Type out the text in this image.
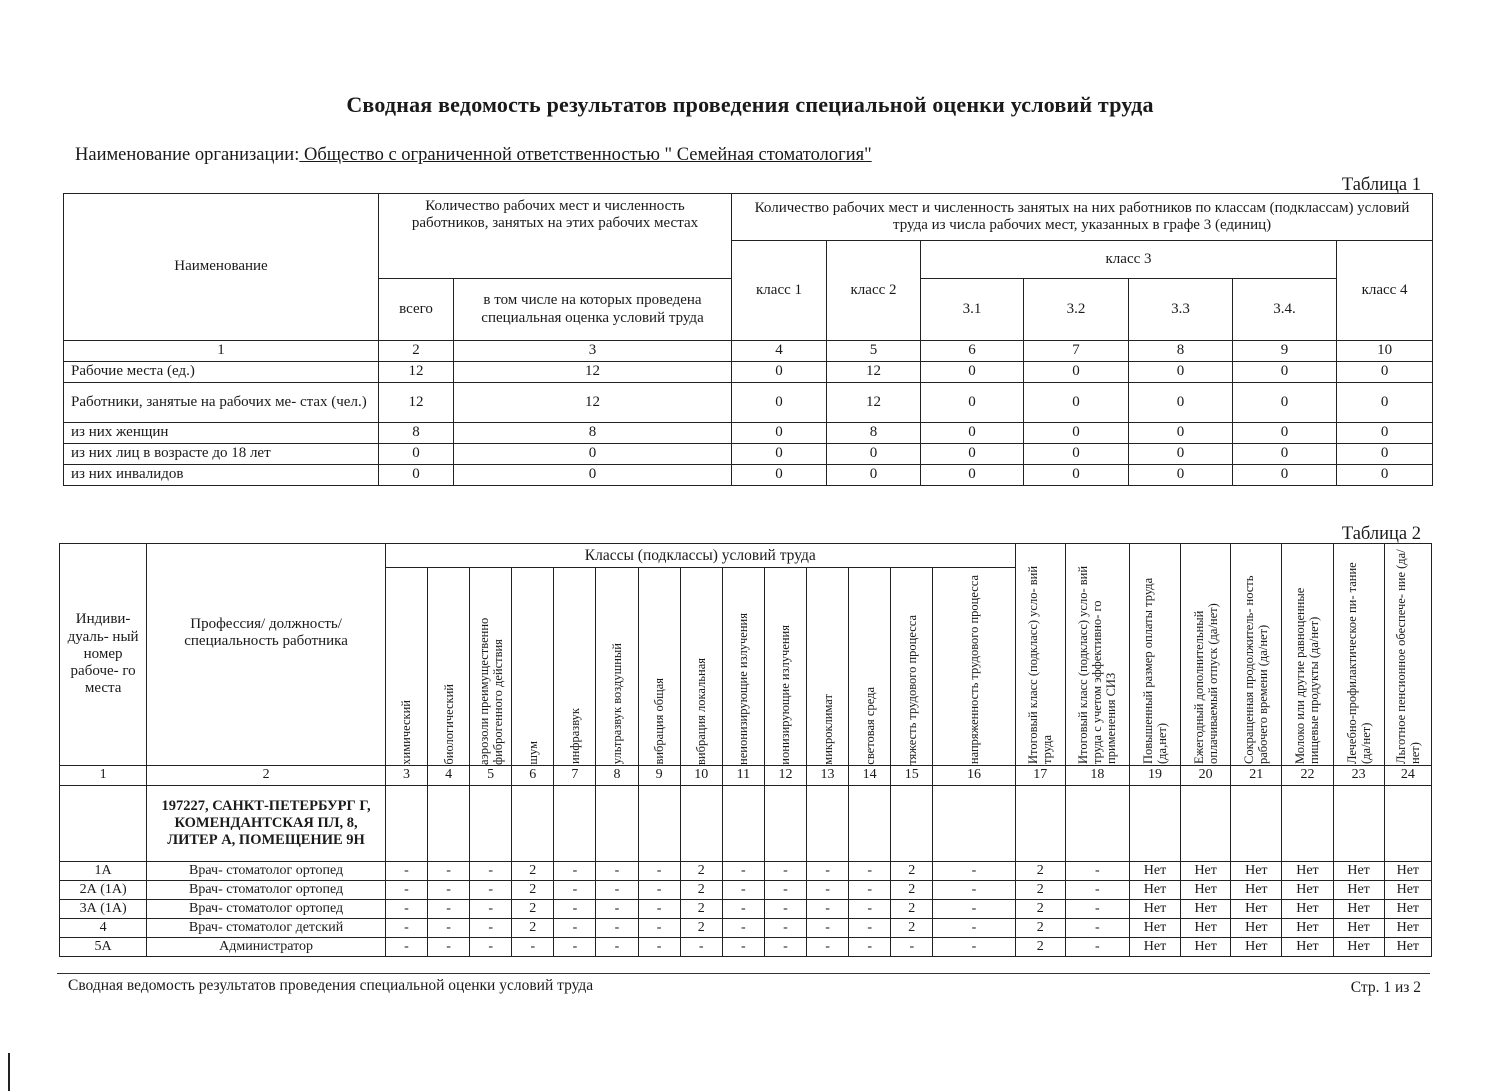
Сводная ведомость результатов проведения специальной оценки условий труда
Наименование организации: Общество с ограниченной ответственностью " Семейная стоматология"
Таблица 1
Наименование	Количество рабочих мест и численность работников, занятых на этих рабочих местах		Количество рабочих мест и численность занятых на них работников по классам (подклассам) условий труда из числа рабочих мест, указанных в графе 3 (единиц)						
			класс 1	класс 2	класс 3				класс 4
	всего	в том числе на которых проведена специальная оценка условий труда			3.1	3.2	3.3	3.4.	
1	2	3	4	5	6	7	8	9	10
Рабочие места (ед.)	12	12	0	12	0	0	0	0	0
Работники, занятые на рабочих ме- стах (чел.)	12	12	0	12	0	0	0	0	0
из них женщин	8	8	0	8	0	0	0	0	0
из них лиц в возрасте до 18 лет	0	0	0	0	0	0	0	0	0
из них инвалидов	0	0	0	0	0	0	0	0	0
Таблица 2
Индиви- дуаль- ный номер рабоче- го места	Профессия/ должность/ специальность работника	Классы (подклассы) условий труда														Итоговый класс (подкласс) усло- вий труда	Итоговый класс (подкласс) усло- вий труда с учетом эффективно- го применения СИЗ	Повышенный размер оплаты труда (да,нет)	Ежегодный дополнительный оплачиваемый отпуск (да/нет)	Сокращенная продолжитель- ность рабочего времени (да/нет)	Молоко или другие равноценные пищевые продукты (да/нет)	Лечебно-профилактическое пи- тание (да/нет)	Льготное пенсионное обеспече- ние (да/нет)

		химический	биологический	аэрозоли преимущественно фиброгенного действия	шум	инфразвук	ультразвук воздушный	вибрация общая	вибрация локальная	неионизирующие излучения	ионизирующие излучения	микроклимат	световая среда	тяжесть трудового процесса	напряженность трудового процесса								

1	2	3	4	5	6	7	8	9	10	11	12	13	14	15	16	17	18	19	20	21	22	23	24
	197227, САНКТ-ПЕТЕРБУРГ Г, КОМЕНДАНТСКАЯ ПЛ, 8, ЛИТЕР А, ПОМЕЩЕНИЕ 9Н																						
1А	Врач- стоматолог ортопед	-	-	-	2	-	-	-	2	-	-	-	-	2	-	2	-	Нет	Нет	Нет	Нет	Нет	Нет
2А (1А)	Врач- стоматолог ортопед	-	-	-	2	-	-	-	2	-	-	-	-	2	-	2	-	Нет	Нет	Нет	Нет	Нет	Нет
3А (1А)	Врач- стоматолог ортопед	-	-	-	2	-	-	-	2	-	-	-	-	2	-	2	-	Нет	Нет	Нет	Нет	Нет	Нет
4	Врач- стоматолог детский	-	-	-	2	-	-	-	2	-	-	-	-	2	-	2	-	Нет	Нет	Нет	Нет	Нет	Нет
5А	Администратор	-	-	-	-	-	-	-	-	-	-	-	-	-	-	2	-	Нет	Нет	Нет	Нет	Нет	Нет
Сводная ведомость результатов проведения специальной оценки условий труда	Стр. 1 из 2
